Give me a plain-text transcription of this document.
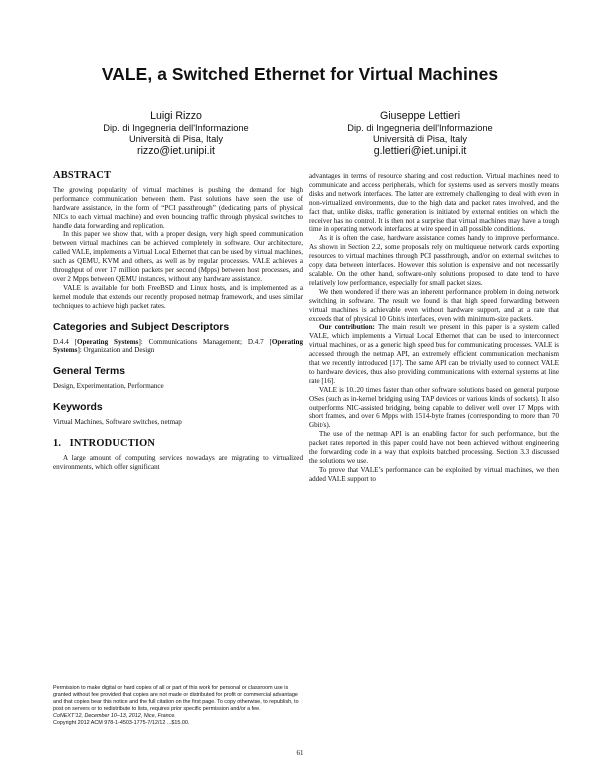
VALE, a Switched Ethernet for Virtual Machines
Luigi Rizzo
Dip. di Ingegneria dell'Informazione
Università di Pisa, Italy
rizzo@iet.unipi.it
Giuseppe Lettieri
Dip. di Ingegneria dell'Informazione
Università di Pisa, Italy
g.lettieri@iet.unipi.it
ABSTRACT

The growing popularity of virtual machines is pushing the demand for high performance communication between them. Past solutions have seen the use of hardware assistance, in the form of “PCI passthrough” (dedicating parts of physical NICs to each virtual machine) and even bouncing traffic through physical switches to handle data forwarding and replication.

In this paper we show that, with a proper design, very high speed communication between virtual machines can be achieved completely in software. Our architecture, called VALE, implements a Virtual Local Ethernet that can be used by virtual machines, such as QEMU, KVM and others, as well as by regular processes. VALE achieves a throughput of over 17 million packets per second (Mpps) between host processes, and over 2 Mpps between QEMU instances, without any hardware assistance.

VALE is available for both FreeBSD and Linux hosts, and is implemented as a kernel module that extends our recently proposed netmap framework, and uses similar techniques to achieve high packet rates.

Categories and Subject Descriptors

D.4.4 [Operating Systems]: Communications Management; D.4.7 [Operating Systems]: Organization and Design

General Terms

Design, Experimentation, Performance

Keywords

Virtual Machines, Software switches, netmap

1.   INTRODUCTION

A large amount of computing services nowadays are migrating to virtualized environments, which offer significant

Permission to make digital or hard copies of all or part of this work for personal or classroom use is granted without fee provided that copies are not made or distributed for profit or commercial advantage and that copies bear this notice and the full citation on the first page. To copy otherwise, to republish, to post on servers or to redistribute to lists, requires prior specific permission and/or a fee.
CoNEXT’12, December 10–13, 2012, Nice, France.
Copyright 2012 ACM 978-1-4503-1775-7/12/12 ...$15.00.

advantages in terms of resource sharing and cost reduction. Virtual machines need to communicate and access peripherals, which for systems used as servers mostly means disks and network interfaces. The latter are extremely challenging to deal with even in non-virtualized environments, due to the high data and packet rates involved, and the fact that, unlike disks, traffic generation is initiated by external entities on which the receiver has no control. It is then not a surprise that virtual machines may have a tough time in operating network interfaces at wire speed in all possible conditions.

As it is often the case, hardware assistance comes handy to improve performance. As shown in Section 2.2, some proposals rely on multiqueue network cards exporting resources to virtual machines through PCI passthrough, and/or on external switches to copy data between interfaces. However this solution is expensive and not necessarily scalable. On the other hand, software-only solutions proposed to date tend to have relatively low performance, especially for small packet sizes.

We then wondered if there was an inherent performance problem in doing network switching in software. The result we found is that high speed forwarding between virtual machines is achievable even without hardware support, and at a rate that exceeds that of physical 10 Gbit/s interfaces, even with minimum-size packets.

Our contribution: The main result we present in this paper is a system called VALE, which implements a Virtual Local Ethernet that can be used to interconnect virtual machines, or as a generic high speed bus for communicating processes. VALE is accessed through the netmap API, an extremely efficient communication mechanism that we recently introduced [17]. The same API can be trivially used to connect VALE to hardware devices, thus also providing communications with external systems at line rate [16].

VALE is 10..20 times faster than other software solutions based on general purpose OSes (such as in-kernel bridging using TAP devices or various kinds of sockets). It also outperforms NIC-assisted bridging, being capable to deliver well over 17 Mpps with short frames, and over 6 Mpps with 1514-byte frames (corresponding to more than 70 Gbit/s).

The use of the netmap API is an enabling factor for such performance, but the packet rates reported in this paper could have not been achieved without engineering the forwarding code in a way that exploits batched processing. Section 3.3 discussed the solutions we use.

To prove that VALE’s performance can be exploited by virtual machines, we then added VALE support to

61
